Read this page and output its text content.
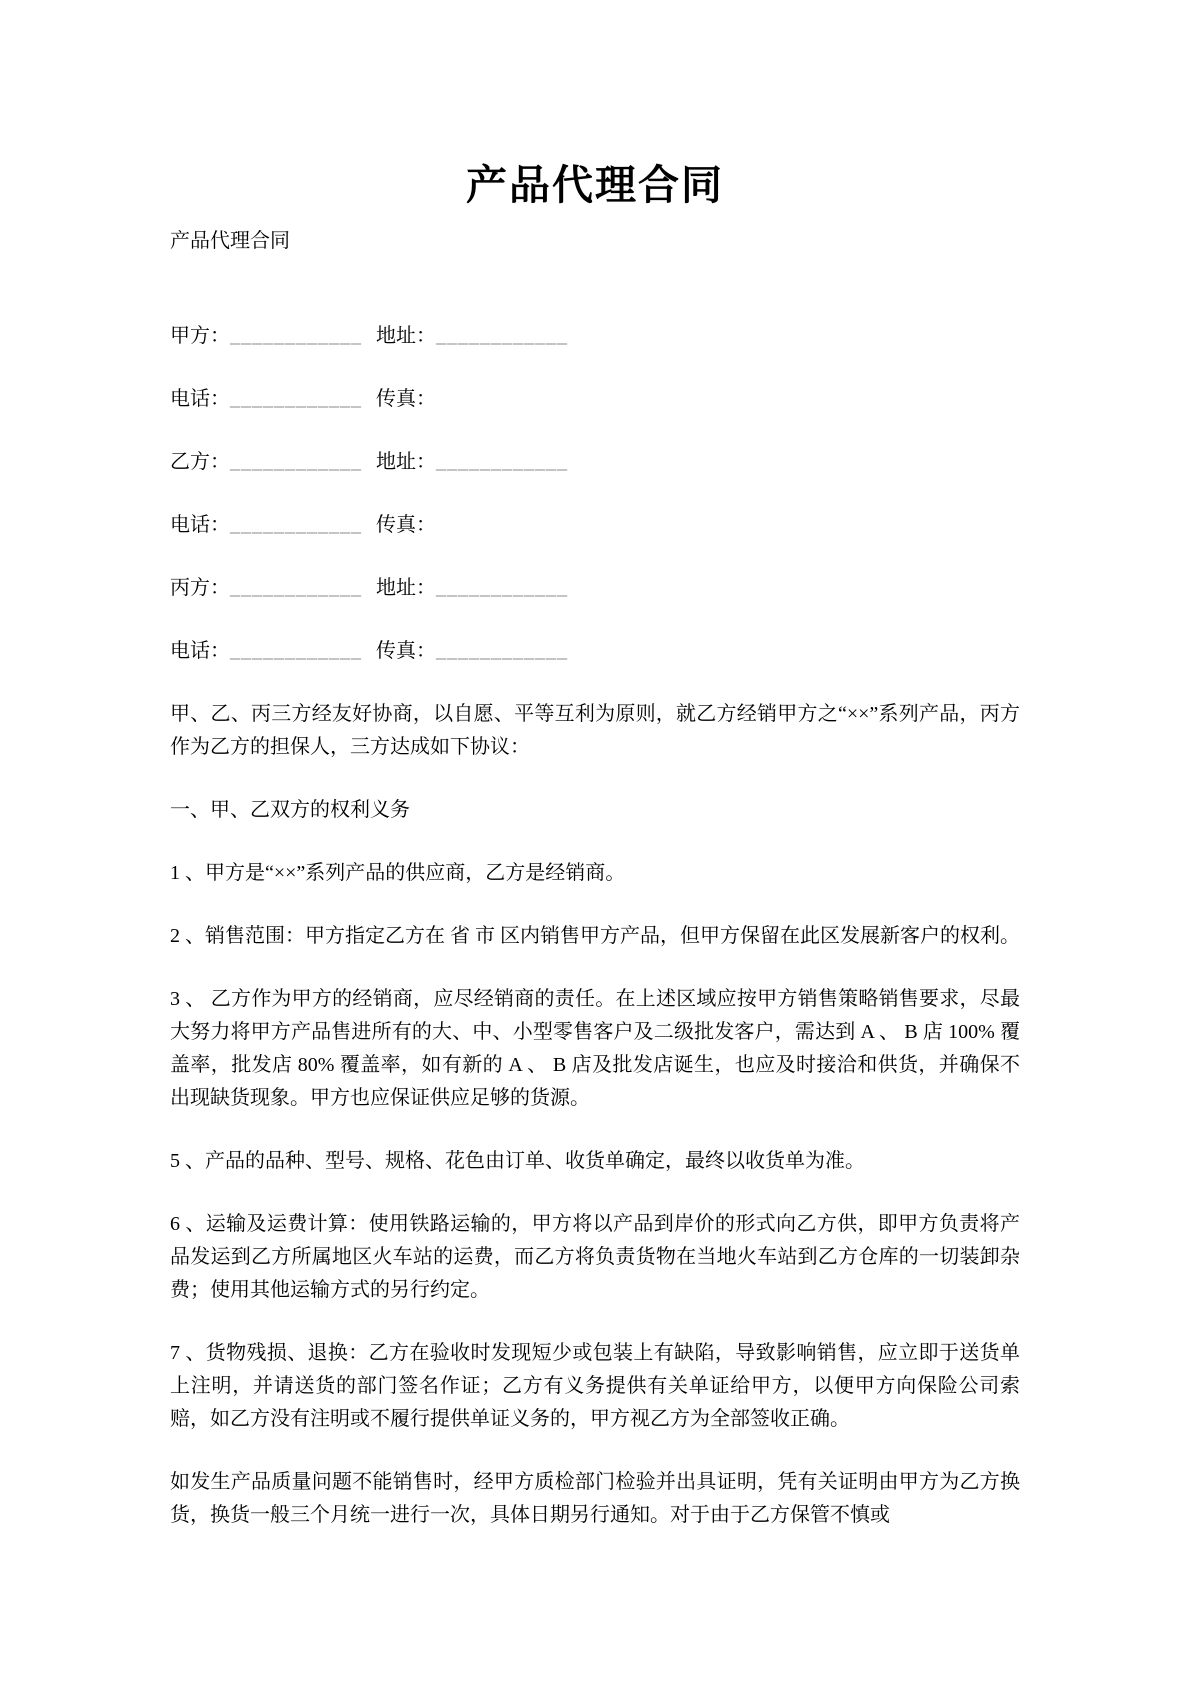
产品代理合同

产品代理合同

甲方：____________ 地址：____________

电话：____________ 传真：

乙方：____________ 地址：____________

电话：____________ 传真：

丙方：____________ 地址：____________

电话：____________ 传真：____________

甲、乙、丙三方经友好协商，以自愿、平等互利为原则，就乙方经销甲方之“××”系列产品，丙方作为乙方的担保人，三方达成如下协议：

一、甲、乙双方的权利义务

1 、甲方是“××”系列产品的供应商，乙方是经销商。

2 、销售范围：甲方指定乙方在 省 市 区内销售甲方产品，但甲方保留在此区发展新客户的权利。

3 、 乙方作为甲方的经销商，应尽经销商的责任。在上述区域应按甲方销售策略销售要求，尽最大努力将甲方产品售进所有的大、中、小型零售客户及二级批发客户，需达到 A 、 B 店 100% 覆盖率，批发店 80% 覆盖率，如有新的 A 、 B 店及批发店诞生，也应及时接洽和供货，并确保不出现缺货现象。甲方也应保证供应足够的货源。

5 、产品的品种、型号、规格、花色由订单、收货单确定，最终以收货单为准。

6 、运输及运费计算：使用铁路运输的，甲方将以产品到岸价的形式向乙方供，即甲方负责将产品发运到乙方所属地区火车站的运费，而乙方将负责货物在当地火车站到乙方仓库的一切装卸杂费；使用其他运输方式的另行约定。

7 、货物残损、退换：乙方在验收时发现短少或包装上有缺陷，导致影响销售，应立即于送货单上注明，并请送货的部门签名作证；乙方有义务提供有关单证给甲方，以便甲方向保险公司索赔，如乙方没有注明或不履行提供单证义务的，甲方视乙方为全部签收正确。

如发生产品质量问题不能销售时，经甲方质检部门检验并出具证明，凭有关证明由甲方为乙方换货，换货一般三个月统一进行一次，具体日期另行通知。对于由于乙方保管不慎或
